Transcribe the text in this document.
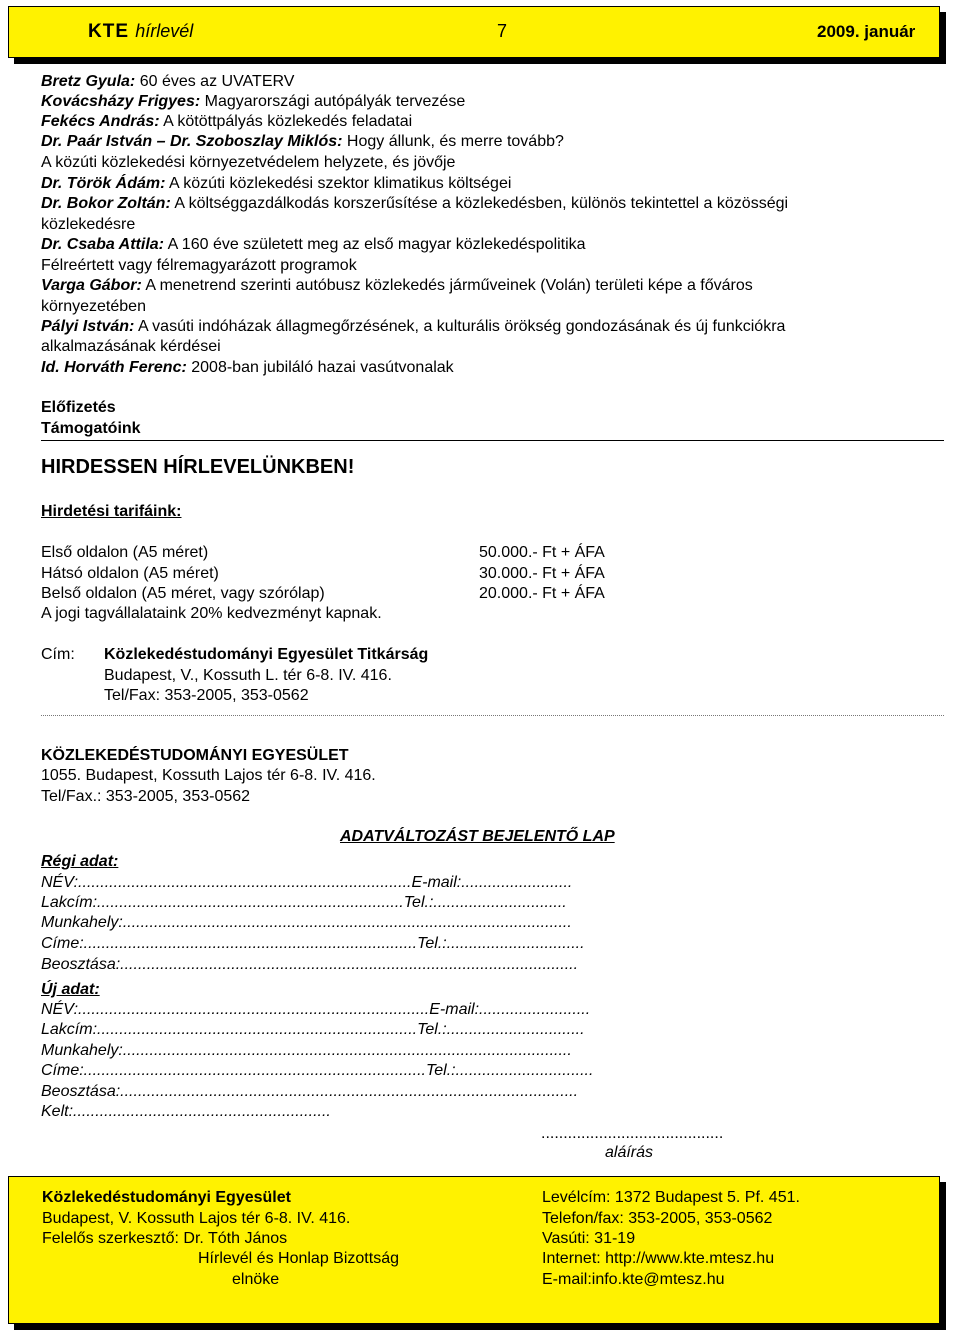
KTE hírlevél	7	2009. január
Bretz Gyula: 60 éves az UVATERV
Kovácsházy Frigyes: Magyarországi autópályák tervezése
Fekécs András: A kötöttpályás közlekedés feladatai
Dr. Paár István – Dr. Szoboszlay Miklós: Hogy állunk, és merre tovább?
A közúti közlekedési környezetvédelem helyzete, és jövője
Dr. Török Ádám: A közúti közlekedési szektor klimatikus költségei
Dr. Bokor Zoltán: A költséggazdálkodás korszerűsítése a közlekedésben, különös tekintettel a közösségi
közlekedésre
Dr. Csaba Attila: A 160 éve született meg az első magyar közlekedéspolitika
Félreértett vagy félremagyarázott programok
Varga Gábor: A menetrend szerinti autóbusz közlekedés járműveinek (Volán) területi képe a főváros
környezetében
Pályi István: A vasúti indóházak állagmegőrzésének, a kulturális örökség gondozásának és új funkciókra
alkalmazásának kérdései
Id. Horváth Ferenc: 2008-ban jubiláló hazai vasútvonalak
Előfizetés
Támogatóink
HIRDESSEN HÍRLEVELÜNKBEN!
Hirdetési tarifáink:
Első oldalon (A5 méret)	50.000.- Ft + ÁFA
Hátsó oldalon (A5 méret)	30.000.- Ft + ÁFA
Belső oldalon (A5 méret, vagy szórólap)	20.000.- Ft + ÁFA
A jogi tagvállalataink 20% kedvezményt kapnak.
Cím: Közlekedéstudományi Egyesület Titkárság
Budapest, V., Kossuth L. tér 6-8. IV. 416.
Tel/Fax: 353-2005, 353-0562
KÖZLEKEDÉSTUDOMÁNYI EGYESÜLET
1055. Budapest, Kossuth Lajos tér 6-8. IV. 416.
Tel/Fax.: 353-2005, 353-0562
ADATVÁLTOZÁST BEJELENTŐ LAP
Régi adat:
NÉV:...........................................................................E-mail:.........................
Lakcím:.....................................................................Tel.:..............................
Munkahely:.....................................................................................................
Címe:...........................................................................Tel.:...............................
Beosztása:.......................................................................................................
Új adat:
NÉV:...............................................................................E-mail:.........................
Lakcím:........................................................................Tel.:...............................
Munkahely:.....................................................................................................
Címe:.............................................................................Tel.:...............................
Beosztása:.......................................................................................................
Kelt:..........................................................
.........................................
aláírás
Közlekedéstudományi Egyesület
Budapest, V. Kossuth Lajos tér 6-8. IV. 416.
Felelős szerkesztő: Dr. Tóth János
Hírlevél és Honlap Bizottság
elnöke
Levélcím: 1372 Budapest 5. Pf. 451.
Telefon/fax: 353-2005, 353-0562
Vasúti: 31-19
Internet: http://www.kte.mtesz.hu
E-mail:info.kte@mtesz.hu
